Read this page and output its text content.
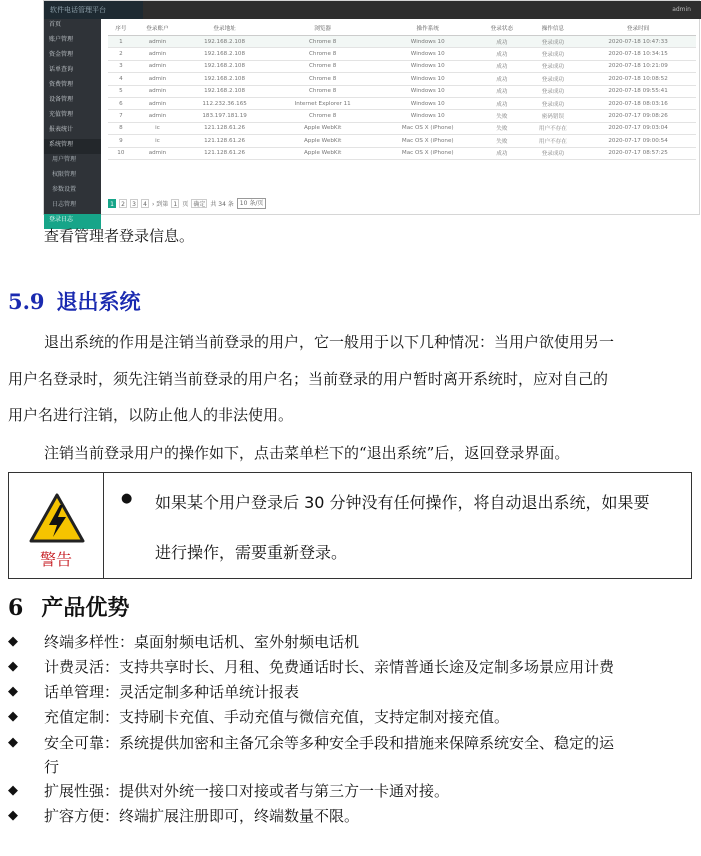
软件电话管理平台	admin
首页
账户管理
资金管理
话单查询
资费管理
设备管理
充值管理
报表统计
系统管理
用户管理
权限管理
参数设置
日志管理
登录日志
序号	登录账户	登录地址	浏览器	操作系统	登录状态	操作信息	登录时间
1	admin	192.168.2.108	Chrome 8	Windows 10	成功	登录成功	2020-07-18 10:47:33
2	admin	192.168.2.108	Chrome 8	Windows 10	成功	登录成功	2020-07-18 10:34:15
3	admin	192.168.2.108	Chrome 8	Windows 10	成功	登录成功	2020-07-18 10:21:09
4	admin	192.168.2.108	Chrome 8	Windows 10	成功	登录成功	2020-07-18 10:08:52
5	admin	192.168.2.108	Chrome 8	Windows 10	成功	登录成功	2020-07-18 09:55:41
6	admin	112.232.36.165	Internet Explorer 11	Windows 10	成功	登录成功	2020-07-18 08:03:16
7	admin	183.197.181.19	Chrome 8	Windows 10	失败	密码错误	2020-07-17 09:08:26
8	ic	121.128.61.26	Apple WebKit	Mac OS X (iPhone)	失败	用户不存在	2020-07-17 09:03:04
9	ic	121.128.61.26	Apple WebKit	Mac OS X (iPhone)	失败	用户不存在	2020-07-17 09:00:54
10	admin	121.128.61.26	Apple WebKit	Mac OS X (iPhone)	成功	登录成功	2020-07-17 08:57:25
1	2	3	4 › 到第 1 页 确定 共 34 条	10 条/页
查看管理者登录信息。
5.9 退出系统
退出系统的作用是注销当前登录的用户，它一般用于以下几种情况：当用户欲使用另一
用户名登录时，须先注销当前登录的用户名；当前登录的用户暂时离开系统时，应对自己的
用户名进行注销，以防止他人的非法使用。
注销当前登录用户的操作如下，点击菜单栏下的“退出系统”后，返回登录界面。
警告
● 如果某个用户登录后 30 分钟没有任何操作，将自动退出系统，如果要
进行操作，需要重新登录。
6 产品优势
◆ 终端多样性：桌面射频电话机、室外射频电话机
◆ 计费灵活：支持共享时长、月租、免费通话时长、亲情普通长途及定制多场景应用计费
◆ 话单管理：灵活定制多种话单统计报表
◆ 充值定制：支持刷卡充值、手动充值与微信充值，支持定制对接充值。
◆ 安全可靠：系统提供加密和主备冗余等多种安全手段和措施来保障系统安全、稳定的运
行
◆ 扩展性强：提供对外统一接口对接或者与第三方一卡通对接。
◆ 扩容方便：终端扩展注册即可，终端数量不限。
